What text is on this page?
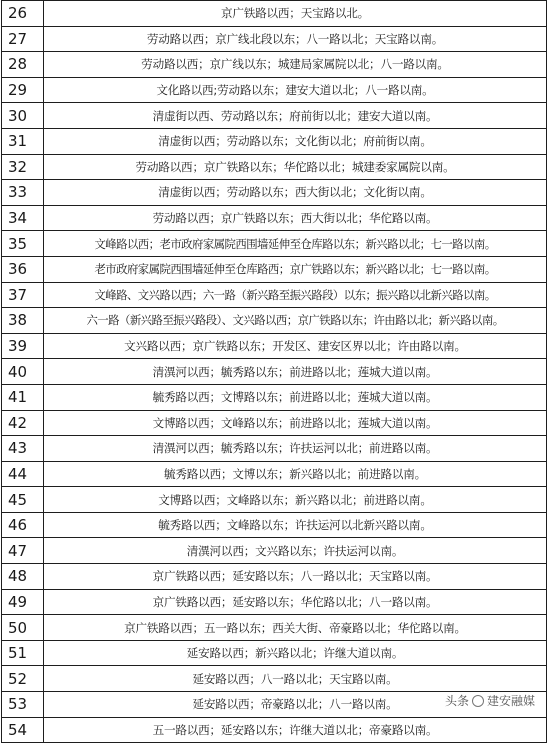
26	京广铁路以西；天宝路以北。
27	劳动路以西；京广线北段以东；八一路以北；天宝路以南。
28	劳动路以西；京广线以东；城建局家属院以北；八一路以南。
29	文化路以西;劳动路以东；建安大道以北；八一路以南。
30	清虚街以西、劳动路以东；府前街以北；建安大道以南。
31	清虚街以西；劳动路以东；文化街以北；府前街以南。
32	劳动路以西；京广铁路以东；华佗路以北；城建委家属院以南。
33	清虚街以西；劳动路以东；西大街以北；文化街以南。
34	劳动路以西；京广铁路以东；西大街以北；华佗路以南。
35	文峰路以西；老市政府家属院西围墙延伸至仓库路以东；新兴路以北；七一路以南。
36	老市政府家属院西围墙延伸至仓库路西；京广铁路以东；新兴路以北；七一路以南。
37	文峰路、文兴路以西；六一路（新兴路至振兴路段）以东；振兴路以北新兴路以南。
38	六一路（新兴路至振兴路段）、文兴路以西；京广铁路以东；许由路以北；新兴路以南。
39	文兴路以西；京广铁路以东；开发区、建安区界以北；许由路以南。
40	清潩河以西；毓秀路以东；前进路以北；莲城大道以南。
41	毓秀路以西；文博路以东；前进路以北；莲城大道以南。
42	文博路以西；文峰路以东；前进路以北；莲城大道以南。
43	清潩河以西；毓秀路以东；许扶运河以北；前进路以南。
44	毓秀路以西；文博以东；新兴路以北；前进路以南。
45	文博路以西；文峰路以东；新兴路以北；前进路以南。
46	毓秀路以西；文峰路以东；许扶运河以北新兴路以南。
47	清潩河以西；文兴路以东；许扶运河以南。
48	京广铁路以西；延安路以东；八一路以北；天宝路以南。
49	京广铁路以西；延安路以东；华佗路以北；八一路以南。
50	京广铁路以西；五一路以东；西关大街、帝豪路以北；华佗路以南。
51	延安路以西；新兴路以北；许继大道以南。
52	延安路以西；八一路以北；天宝路以南。
53	延安路以西；帝豪路以北；八一路以南。
54	五一路以西；延安路以东；许继大道以北；帝豪路以南。
头条 建安融媒
